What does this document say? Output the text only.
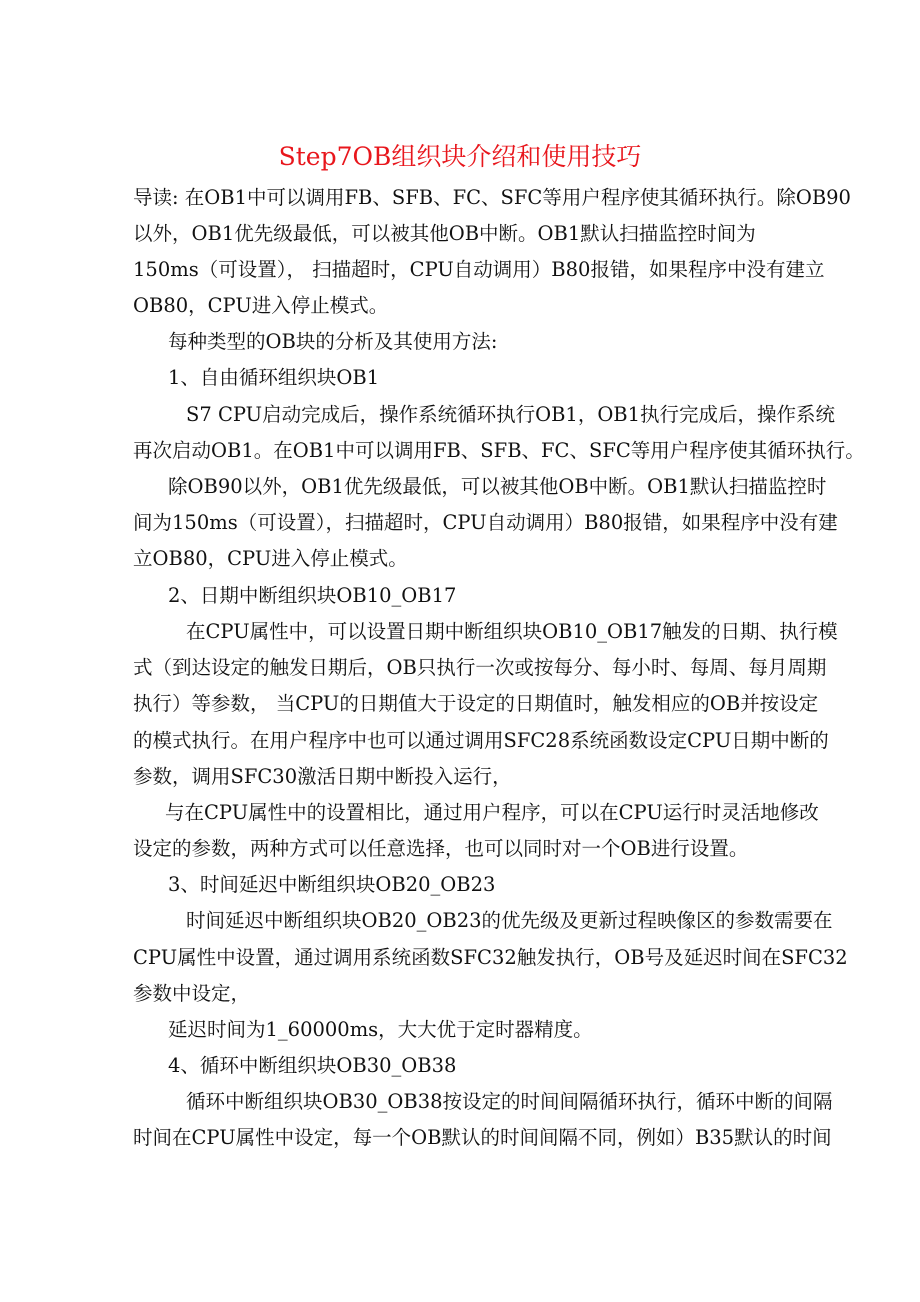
Step7OB组织块介绍和使用技巧
导读: 在OB1中可以调用FB、SFB、FC、SFC等用户程序使其循环执行。除OB90
以外，OB1优先级最低，可以被其他OB中断。OB1默认扫描监控时间为
150ms（可设置）， 扫描超时，CPU自动调用）B80报错，如果程序中没有建立
OB80，CPU进入停止模式。
每种类型的OB块的分析及其使用方法:
1、自由循环组织块OB1
S7 CPU启动完成后，操作系统循环执行OB1，OB1执行完成后，操作系统
再次启动OB1。在OB1中可以调用FB、SFB、FC、SFC等用户程序使其循环执行。
除OB90以外，OB1优先级最低，可以被其他OB中断。OB1默认扫描监控时
间为150ms（可设置），扫描超时，CPU自动调用）B80报错，如果程序中没有建
立OB80，CPU进入停止模式。
2、日期中断组织块OB10_OB17
在CPU属性中，可以设置日期中断组织块OB10_OB17触发的日期、执行模
式（到达设定的触发日期后，OB只执行一次或按每分、每小时、每周、每月周期
执行）等参数， 当CPU的日期值大于设定的日期值时，触发相应的OB并按设定
的模式执行。在用户程序中也可以通过调用SFC28系统函数设定CPU日期中断的
参数，调用SFC30激活日期中断投入运行，
与在CPU属性中的设置相比，通过用户程序，可以在CPU运行时灵活地修改
设定的参数，两种方式可以任意选择，也可以同时对一个OB进行设置。
3、时间延迟中断组织块OB20_OB23
时间延迟中断组织块OB20_OB23的优先级及更新过程映像区的参数需要在
CPU属性中设置，通过调用系统函数SFC32触发执行，OB号及延迟时间在SFC32
参数中设定，
延迟时间为1_60000ms，大大优于定时器精度。
4、循环中断组织块OB30_OB38
循环中断组织块OB30_OB38按设定的时间间隔循环执行，循环中断的间隔
时间在CPU属性中设定，每一个OB默认的时间间隔不同，例如）B35默认的时间
